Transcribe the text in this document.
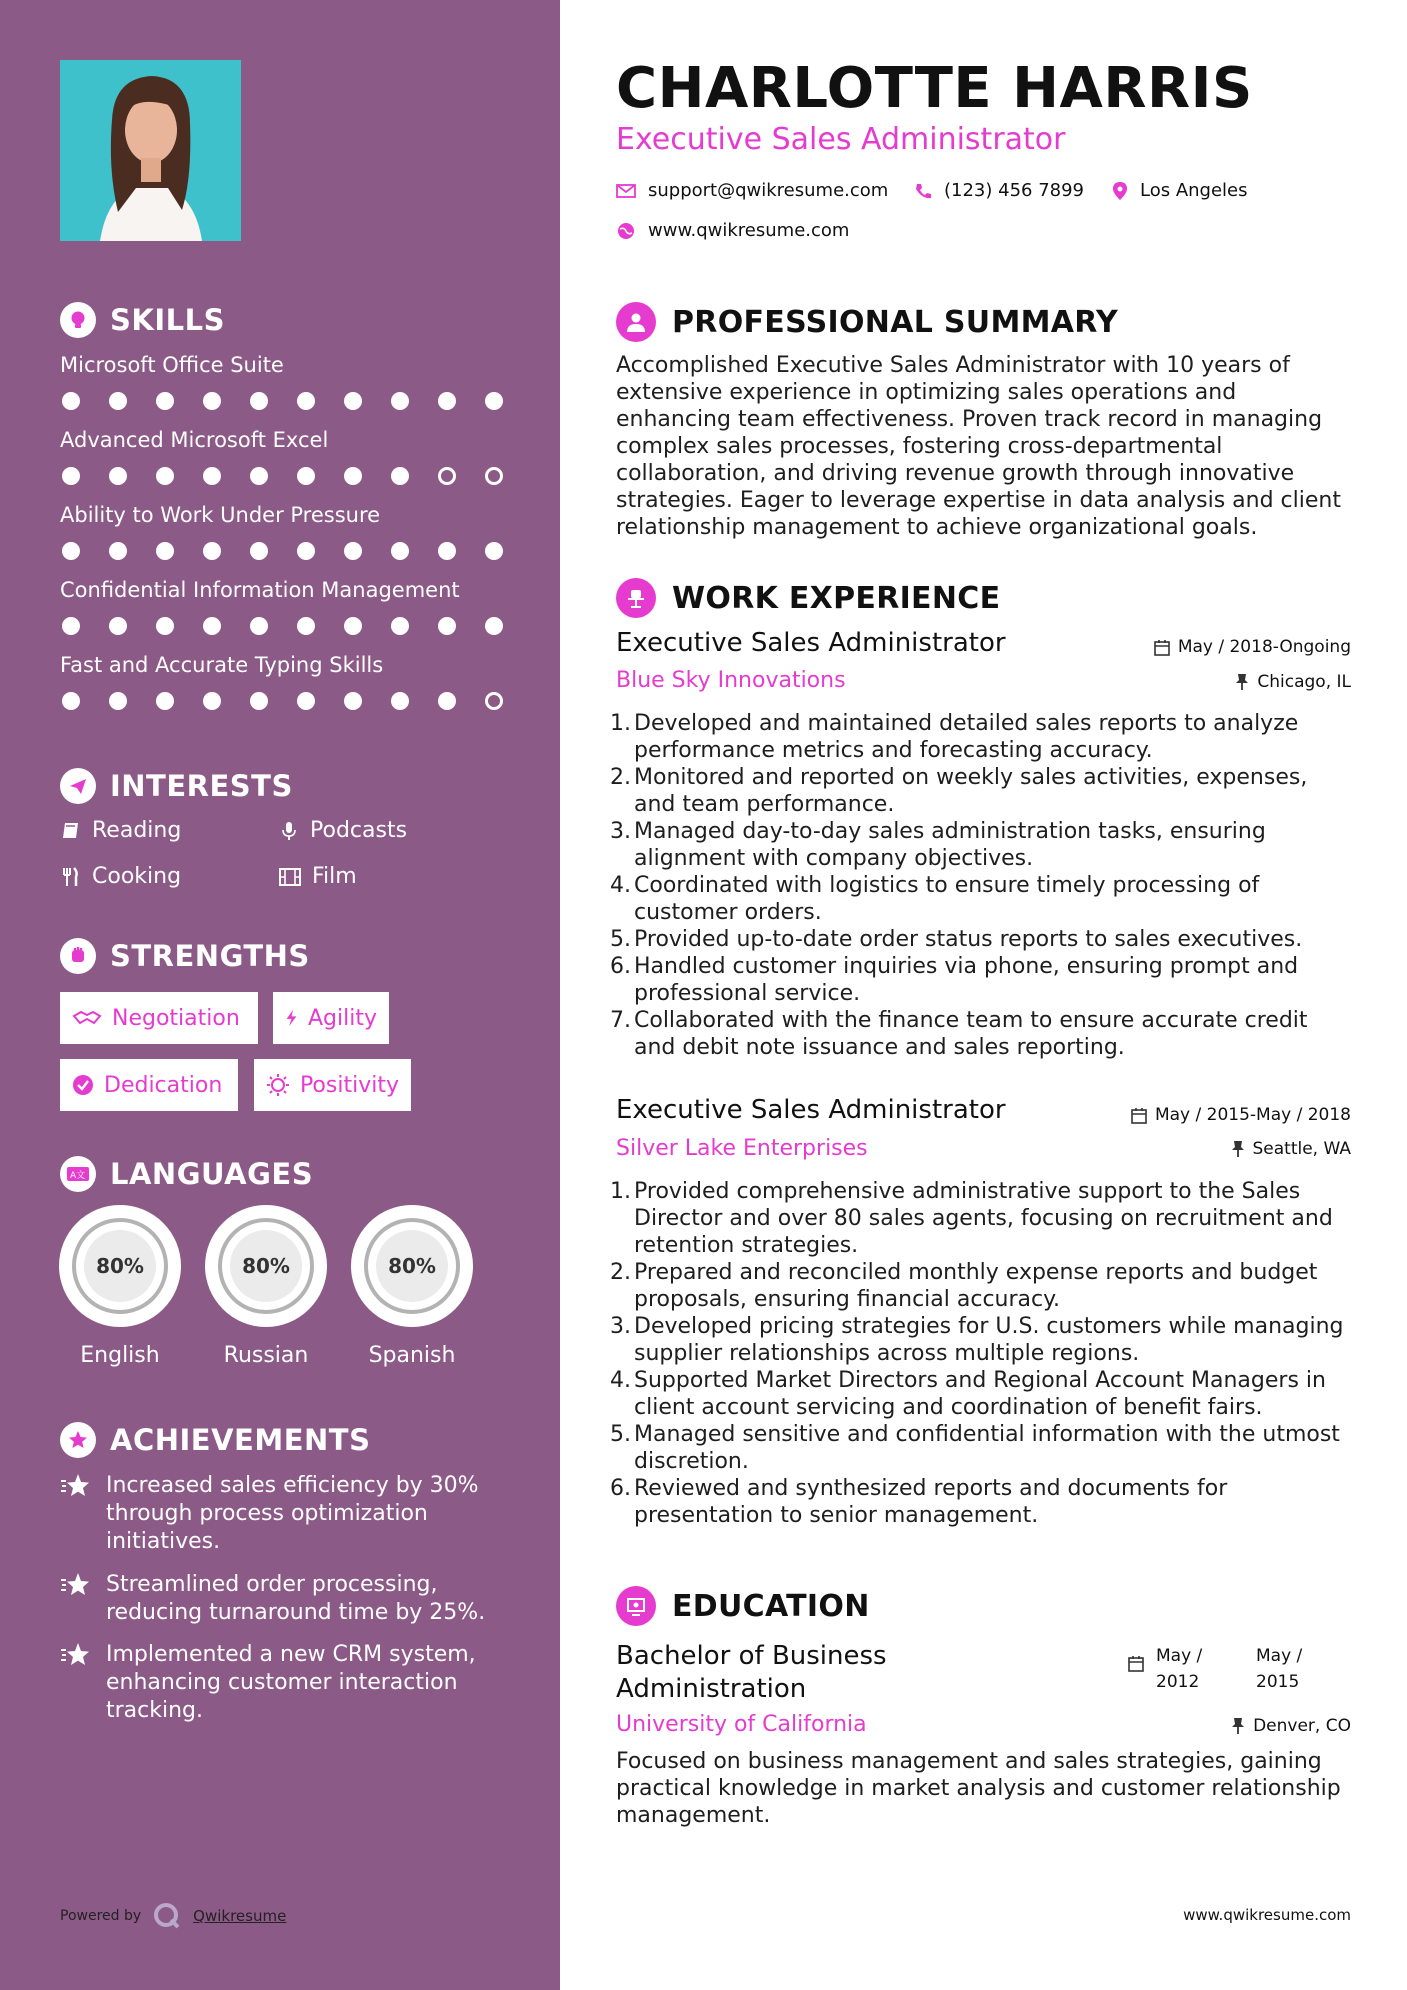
SKILLS
Microsoft Office Suite
Advanced Microsoft Excel
Ability to Work Under Pressure
Confidential Information Management
Fast and Accurate Typing Skills
INTERESTS
Reading	Podcasts
Cooking	Film
STRENGTHS
Negotiation	Agility
Dedication	Positivity
A文 LANGUAGES
80%
English
80%
Russian
80%
Spanish
ACHIEVEMENTS
Increased sales efficiency by 30% through process optimization initiatives.
Streamlined order processing, reducing turnaround time by 25%.
Implemented a new CRM system, enhancing customer interaction tracking.
Powered by	Qwikresume
CHARLOTTE HARRIS
Executive Sales Administrator
support@qwikresume.com	(123) 456 7899	Los Angeles
www.qwikresume.com
PROFESSIONAL SUMMARY
Accomplished Executive Sales Administrator with 10 years of extensive experience in optimizing sales operations and enhancing team effectiveness. Proven track record in managing complex sales processes, fostering cross-departmental collaboration, and driving revenue growth through innovative strategies. Eager to leverage expertise in data analysis and client relationship management to achieve organizational goals.
WORK EXPERIENCE
Executive Sales Administrator	May / 2018-Ongoing
Blue Sky Innovations	Chicago, IL
1. Developed and maintained detailed sales reports to analyze performance metrics and forecasting accuracy.
2. Monitored and reported on weekly sales activities, expenses, and team performance.
3. Managed day-to-day sales administration tasks, ensuring alignment with company objectives.
4. Coordinated with logistics to ensure timely processing of customer orders.
5. Provided up-to-date order status reports to sales executives.
6. Handled customer inquiries via phone, ensuring prompt and professional service.
7. Collaborated with the finance team to ensure accurate credit and debit note issuance and sales reporting.
Executive Sales Administrator	May / 2015-May / 2018
Silver Lake Enterprises	Seattle, WA
1. Provided comprehensive administrative support to the Sales Director and over 80 sales agents, focusing on recruitment and retention strategies.
2. Prepared and reconciled monthly expense reports and budget proposals, ensuring financial accuracy.
3. Developed pricing strategies for U.S. customers while managing supplier relationships across multiple regions.
4. Supported Market Directors and Regional Account Managers in client account servicing and coordination of benefit fairs.
5. Managed sensitive and confidential information with the utmost discretion.
6. Reviewed and synthesized reports and documents for presentation to senior management.
EDUCATION
Bachelor of Business
Administration
May /
2012
May /
2015
University of California	Denver, CO
Focused on business management and sales strategies, gaining practical knowledge in market analysis and customer relationship management.
www.qwikresume.com
